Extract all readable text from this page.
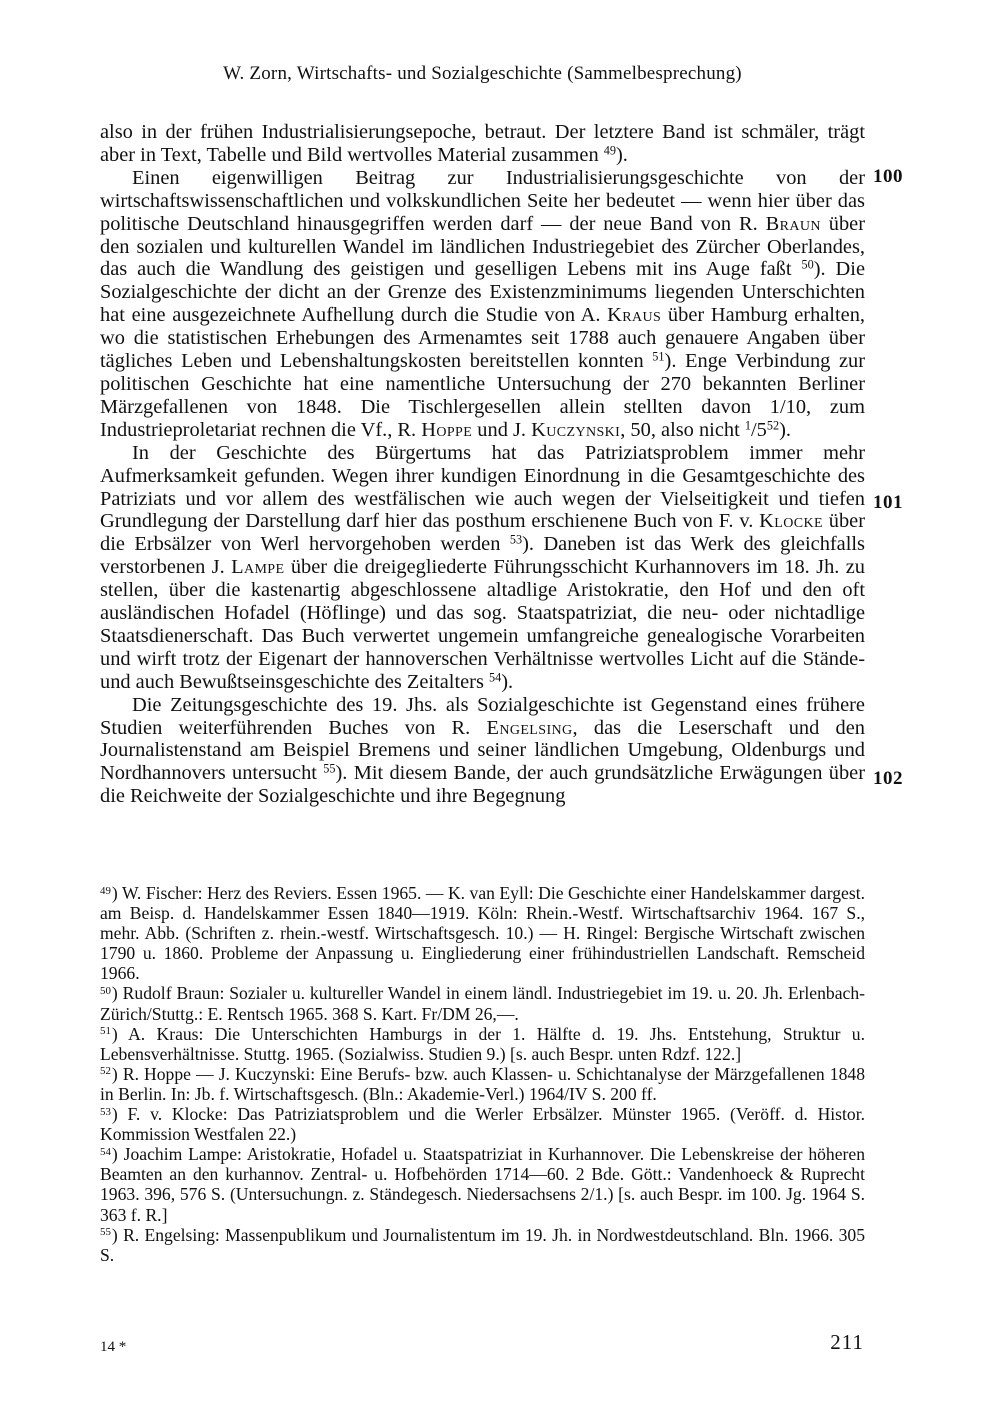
W. Zorn, Wirtschafts- und Sozialgeschichte (Sammelbesprechung)

also in der frühen Industrialisierungsepoche, betraut. Der letztere Band ist schmäler, trägt aber in Text, Tabelle und Bild wertvolles Material zusammen $^{49}$).

Einen eigenwilligen Beitrag zur Industrialisierungsgeschichte von der wirtschaftswissenschaftlichen und volkskundlichen Seite her bedeutet — wenn hier über das politische Deutschland hinausgegriffen werden darf — der neue Band von R. Braun über den sozialen und kulturellen Wandel im ländlichen Industriegebiet des Zürcher Oberlandes, das auch die Wandlung des geistigen und geselligen Lebens mit ins Auge faßt $^{50}$). Die Sozialgeschichte der dicht an der Grenze des Existenzminimums liegenden Unterschichten hat eine ausgezeichnete Aufhellung durch die Studie von A. Kraus über Hamburg erhalten, wo die statistischen Erhebungen des Armenamtes seit 1788 auch genauere Angaben über tägliches Leben und Lebenshaltungskosten bereitstellen konnten $^{51}$). Enge Verbindung zur politischen Geschichte hat eine namentliche Untersuchung der 270 bekannten Berliner Märzgefallenen von 1848. Die Tischlergesellen allein stellten davon 1/10, zum Industrieproletariat rechnen die Vf., R. Hoppe und J. Kuczynski, 50, also nicht $^1/5^{52}$).

In der Geschichte des Bürgertums hat das Patriziatsproblem immer mehr Aufmerksamkeit gefunden. Wegen ihrer kundigen Einordnung in die Gesamtgeschichte des Patriziats und vor allem des westfälischen wie auch wegen der Vielseitigkeit und tiefen Grundlegung der Darstellung darf hier das posthum erschienene Buch von F. v. Klocke über die Erbsälzer von Werl hervorgehoben werden $^{53}$). Daneben ist das Werk des gleichfalls verstorbenen J. Lampe über die dreigegliederte Führungsschicht Kurhannovers im 18. Jh. zu stellen, über die kastenartig abgeschlossene altadlige Aristokratie, den Hof und den oft ausländischen Hofadel (Höflinge) und das sog. Staatspatriziat, die neu- oder nichtadlige Staatsdienerschaft. Das Buch verwertet ungemein umfangreiche genealogische Vorarbeiten und wirft trotz der Eigenart der hannoverschen Verhältnisse wertvolles Licht auf die Stände- und auch Bewußtseinsgeschichte des Zeitalters $^{54}$).

Die Zeitungsgeschichte des 19. Jhs. als Sozialgeschichte ist Gegenstand eines frühere Studien weiterführenden Buches von R. Engelsing, das die Leserschaft und den Journalistenstand am Beispiel Bremens und seiner ländlichen Umgebung, Oldenburgs und Nordhannovers untersucht $^{55}$). Mit diesem Bande, der auch grundsätzliche Erwägungen über die Reichweite der Sozialgeschichte und ihre Begegnung

100
101
102

$^{49}$) W. Fischer: Herz des Reviers. Essen 1965. — K. van Eyll: Die Geschichte einer Handelskammer dargest. am Beisp. d. Handelskammer Essen 1840—1919. Köln: Rhein.-Westf. Wirtschaftsarchiv 1964. 167 S., mehr. Abb. (Schriften z. rhein.-westf. Wirtschaftsgesch. 10.) — H. Ringel: Bergische Wirtschaft zwischen 1790 u. 1860. Probleme der Anpassung u. Eingliederung einer frühindustriellen Landschaft. Remscheid 1966.

$^{50}$) Rudolf Braun: Sozialer u. kultureller Wandel in einem ländl. Industriegebiet im 19. u. 20. Jh. Erlenbach-Zürich/Stuttg.: E. Rentsch 1965. 368 S. Kart. Fr/DM 26,—.

$^{51}$) A. Kraus: Die Unterschichten Hamburgs in der 1. Hälfte d. 19. Jhs. Entstehung, Struktur u. Lebensverhältnisse. Stuttg. 1965. (Sozialwiss. Studien 9.) [s. auch Bespr. unten Rdzf. 122.]

$^{52}$) R. Hoppe — J. Kuczynski: Eine Berufs- bzw. auch Klassen- u. Schichtanalyse der Märzgefallenen 1848 in Berlin. In: Jb. f. Wirtschaftsgesch. (Bln.: Akademie-Verl.) 1964/IV S. 200 ff.

$^{53}$) F. v. Klocke: Das Patriziatsproblem und die Werler Erbsälzer. Münster 1965. (Veröff. d. Histor. Kommission Westfalen 22.)

$^{54}$) Joachim Lampe: Aristokratie, Hofadel u. Staatspatriziat in Kurhannover. Die Lebenskreise der höheren Beamten an den kurhannov. Zentral- u. Hofbehörden 1714—60. 2 Bde. Gött.: Vandenhoeck & Ruprecht 1963. 396, 576 S. (Untersuchungn. z. Ständegesch. Niedersachsens 2/1.) [s. auch Bespr. im 100. Jg. 1964 S. 363 f. R.]

$^{55}$) R. Engelsing: Massenpublikum und Journalistentum im 19. Jh. in Nordwestdeutschland. Bln. 1966. 305 S.

14 *	211
